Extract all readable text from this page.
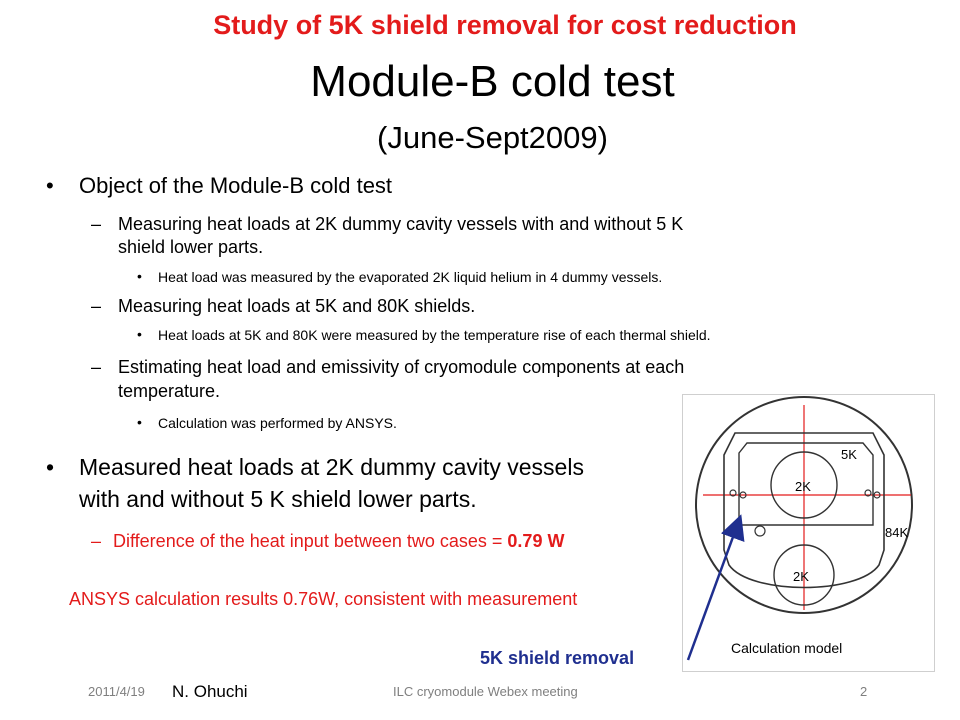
Study of 5K shield removal for cost reduction
Module-B cold test
(June-Sept2009)
• Object of the Module-B cold test
– Measuring heat loads at 2K dummy cavity vessels with and without 5 K
shield lower parts.
• Heat load was measured by the evaporated 2K liquid helium in 4 dummy vessels.
– Measuring heat loads at 5K and 80K shields.
• Heat loads at 5K and 80K were measured by the temperature rise of each thermal shield.
– Estimating heat load and emissivity of cryomodule components at each
temperature.
• Calculation was performed by ANSYS.
• Measured heat loads at 2K dummy cavity vessels
with and without 5 K shield lower parts.
– Difference of the heat input between two cases = 0.79 W
ANSYS calculation results 0.76W, consistent with measurement
5K
2K
84K
2K
Calculation model
5K shield removal
2011/4/19 N. Ohuchi	ILC cryomodule Webex meeting	2
